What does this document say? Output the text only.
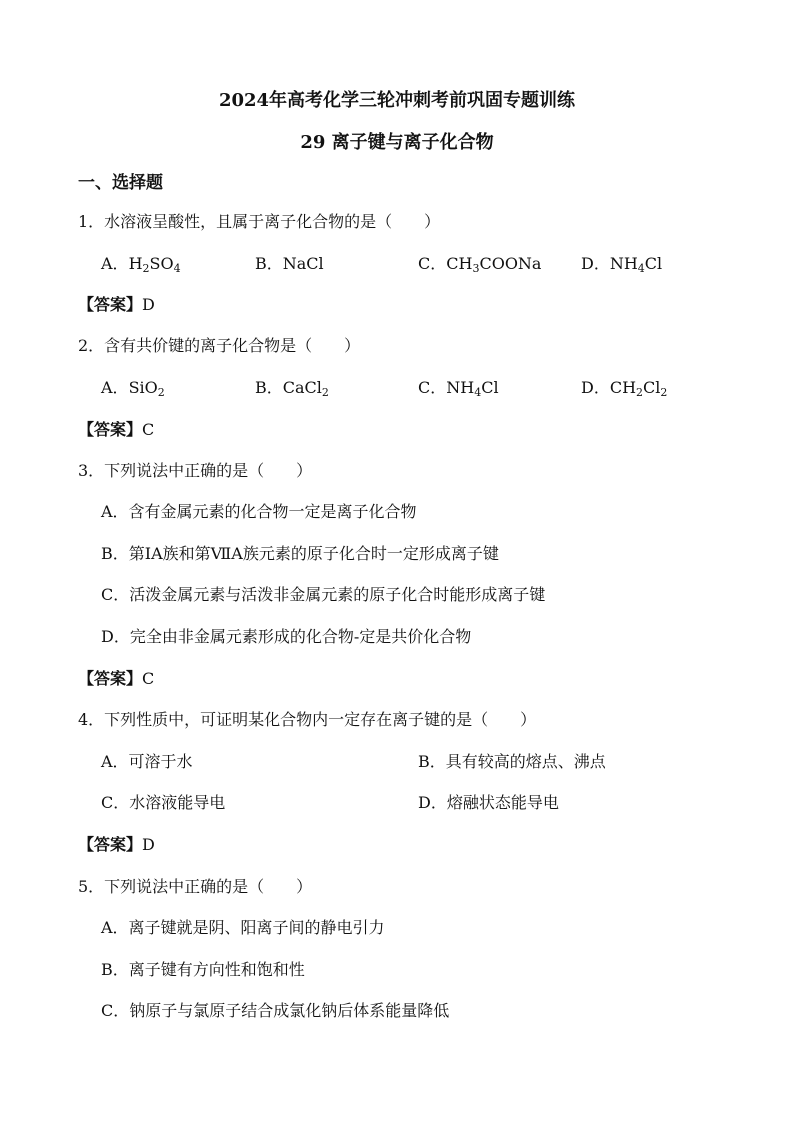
2024年高考化学三轮冲刺考前巩固专题训练
29 离子键与离子化合物
一、选择题
1．水溶液呈酸性，且属于离子化合物的是（　　）
A．$H_2SO_4$	B．NaCl	C．$CH_3COONa$ D．$NH_4Cl$
【答案】D
2．含有共价键的离子化合物是（　　）
A．SiO$_2$	B．CaCl$_2$	C．$NH_4Cl$	D．$CH_2Cl_2$
【答案】C
3．下列说法中正确的是（　　）
A．含有金属元素的化合物一定是离子化合物
B．第ⅠA族和第ⅦA族元素的原子化合时一定形成离子键
C．活泼金属元素与活泼非金属元素的原子化合时能形成离子键
D．完全由非金属元素形成的化合物-定是共价化合物
【答案】C
4．下列性质中，可证明某化合物内一定存在离子键的是（　　）
A．可溶于水	B．具有较高的熔点、沸点
C．水溶液能导电	D．熔融状态能导电
【答案】D
5．下列说法中正确的是（　　）
A．离子键就是阴、阳离子间的静电引力
B．离子键有方向性和饱和性
C．钠原子与氯原子结合成氯化钠后体系能量降低
